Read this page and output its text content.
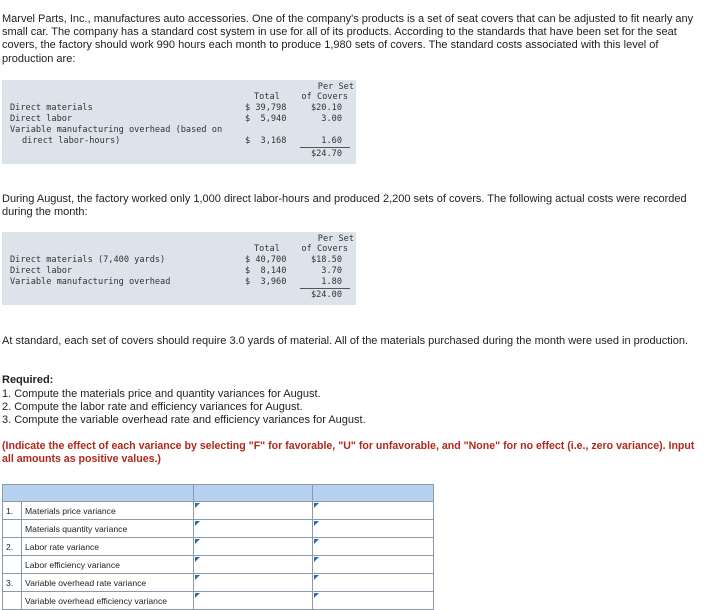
Marvel Parts, Inc., manufactures auto accessories. One of the company's products is a set of seat covers that can be adjusted to fit nearly any small car. The company has a standard cost system in use for all of its products. According to the standards that have been set for the seat covers, the factory should work 990 hours each month to produce 1,980 sets of covers. The standard costs associated with this level of production are:
Per Set
Total	of Covers
Direct materials	$ 39,798	$20.10
Direct labor	$  5,940	3.00
Variable manufacturing overhead (based on
direct labor-hours)	$  3,168	1.60
$24.70
During August, the factory worked only 1,000 direct labor-hours and produced 2,200 sets of covers. The following actual costs were recorded during the month:
Per Set
Total	of Covers
Direct materials (7,400 yards)	$ 40,700	$18.50
Direct labor	$  8,140	3.70
Variable manufacturing overhead	$  3,960	1.80
$24.00
At standard, each set of covers should require 3.0 yards of material. All of the materials purchased during the month were used in production.
Required:
1. Compute the materials price and quantity variances for August.
2. Compute the labor rate and efficiency variances for August.
3. Compute the variable overhead rate and efficiency variances for August.
(Indicate the effect of each variance by selecting "F" for favorable, "U" for unfavorable, and "None" for no effect (i.e., zero variance). Input all amounts as positive values.)

1.	Materials price variance	

	Materials quantity variance	

2.	Labor rate variance	

	Labor efficiency variance	

3.	Variable overhead rate variance	

	Variable overhead efficiency variance	
